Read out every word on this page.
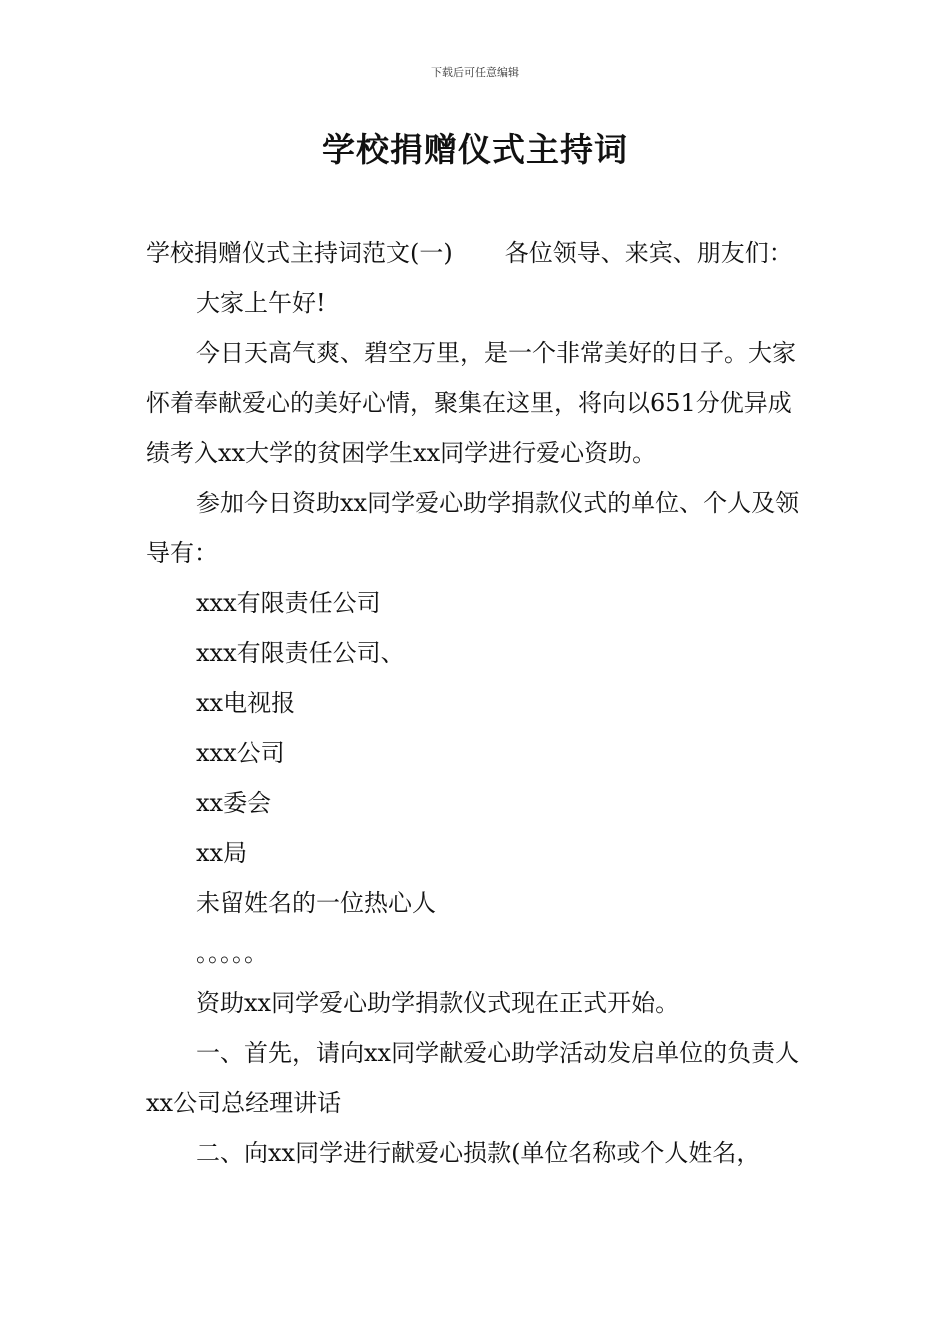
下载后可任意编辑
学校捐赠仪式主持词

学校捐赠仪式主持词范文(一) 各位领导、来宾、朋友们：

大家上午好!

今日天高气爽、碧空万里，是一个非常美好的日子。大家怀着奉献爱心的美好心情，聚集在这里，将向以651分优异成绩考入xx大学的贫困学生xx同学进行爱心资助。

参加今日资助xx同学爱心助学捐款仪式的单位、个人及领导有：

xxx有限责任公司

xxx有限责任公司、

xx电视报

xxx公司

xx委会

xx局

未留姓名的一位热心人

。。。。。

资助xx同学爱心助学捐款仪式现在正式开始。

一、首先，请向xx同学献爱心助学活动发启单位的负责人xx公司总经理讲话

二、向xx同学进行献爱心损款(单位名称或个人姓名，
